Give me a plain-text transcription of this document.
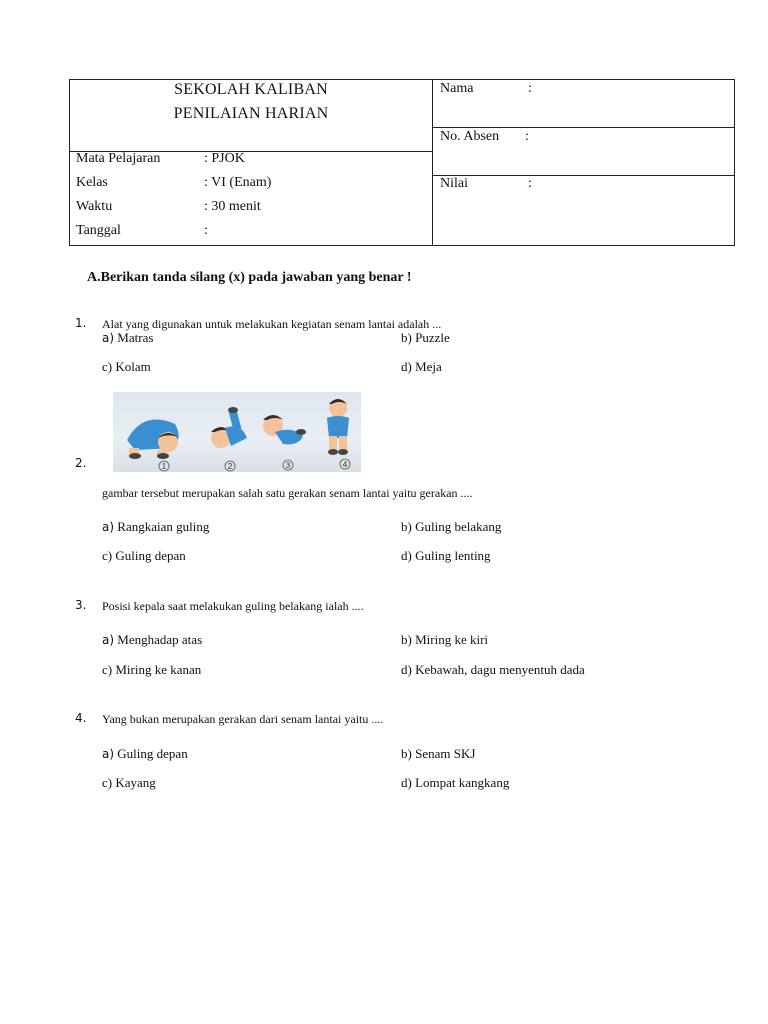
SEKOLAH KALIBAN
PENILAIAN HARIAN
Mata Pelajaran	: PJOK
Kelas	: VI (Enam)
Waktu	: 30 menit
Tanggal	:
Nama	:
No. Absen :
Nilai	:
A.Berikan tanda silang (x) pada jawaban yang benar !
1. Alat yang digunakan untuk melakukan kegiatan senam lantai adalah ...
a) Matras	b) Puzzle
c) Kolam	d) Meja
1	2	3	4
2.
gambar tersebut merupakan salah satu gerakan senam lantai yaitu gerakan ....
a) Rangkaian guling	b) Guling belakang
c) Guling depan	d) Guling lenting
3. Posisi kepala saat melakukan guling belakang ialah ....
a) Menghadap atas	b) Miring ke kiri
c) Miring ke kanan	d) Kebawah, dagu menyentuh dada
4. Yang bukan merupakan gerakan dari senam lantai yaitu ....
a) Guling depan	b) Senam SKJ
c) Kayang	d) Lompat kangkang
